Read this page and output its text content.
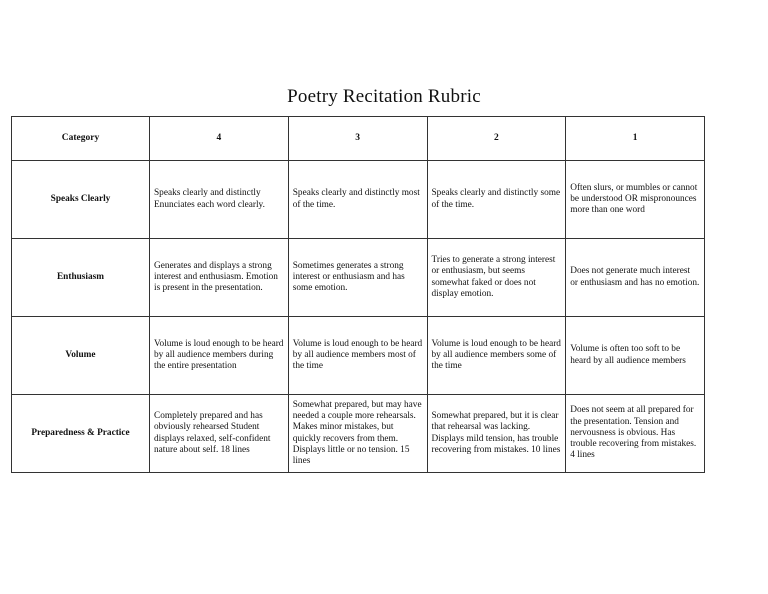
Poetry Recitation Rubric
Category	4	3	2	1
Speaks Clearly	Speaks clearly and distinctly Enunciates each word clearly.	Speaks clearly and distinctly most of the time.	Speaks clearly and distinctly some of the time.	Often slurs, or mumbles or cannot be understood OR mispronounces more than one word
Enthusiasm	Generates and displays a strong interest and enthusiasm. Emotion is present in the presentation.	Sometimes generates a strong interest or enthusiasm and has some emotion.	Tries to generate a strong interest or enthusiasm, but seems somewhat faked or does not display emotion.	Does not generate much interest or enthusiasm and has no emotion.
Volume	Volume is loud enough to be heard by all audience members during the entire presentation	Volume is loud enough to be heard by all audience members most of the time	Volume is loud enough to be heard by all audience members some of the time	Volume is often too soft to be heard by all audience members
Preparedness & Practice	Completely prepared and has obviously rehearsed Student displays relaxed, self-confident nature about self. 18 lines	Somewhat prepared, but may have needed a couple more rehearsals. Makes minor mistakes, but quickly recovers from them. Displays little or no tension. 15 lines	Somewhat prepared, but it is clear that rehearsal was lacking. Displays mild tension, has trouble recovering from mistakes. 10 lines	Does not seem at all prepared for the presentation. Tension and nervousness is obvious. Has trouble recovering from mistakes. 4 lines
